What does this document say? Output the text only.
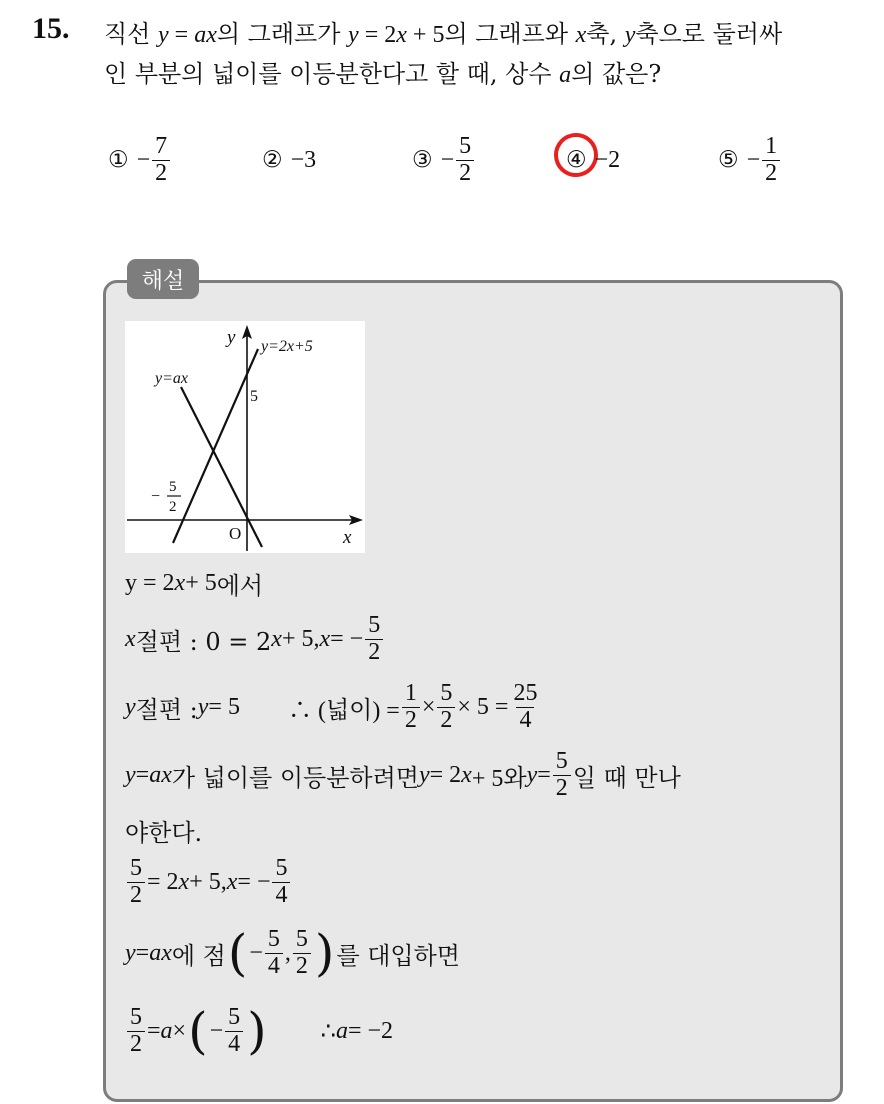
15. 직선 y = ax의 그래프가 y = 2x + 5의 그래프와 x축, y축으로 둘러싸
인 부분의 넓이를 이등분한다고 할 때, 상수 a의 값은?
① − $\frac{7}{2}$	② −3	③ − $\frac{5}{2}$	④ −2	⑤ − $\frac{1}{2}$
해설
y
x
O
y=2x+5
y=ax
5
−
5
2
y = 2 x + 5 에서
x 절편 : 0 = 2 x + 5, x = − $\frac{5}{2}$
y 절편 : y = 5 ∴ (넓이) = $\frac{1}{2} \times \frac{5}{2} \times 5 = \frac{25}{4}$
y = ax 가 넓이를 이등분하려면 y = 2 x + 5와 $y = \frac{5}{2}$ 일 때 만나
야한다.
$\frac{5}{2} = 2$ x + 5, x = − $\frac{5}{4}$
y = ax 에 점 ( − $\frac{5}{4}$ , $\frac{5}{2}$ ) 를 대입하면
$\frac{5}{2} = a$ × ( − $\frac{5}{4}$ ) ∴ a = −2
